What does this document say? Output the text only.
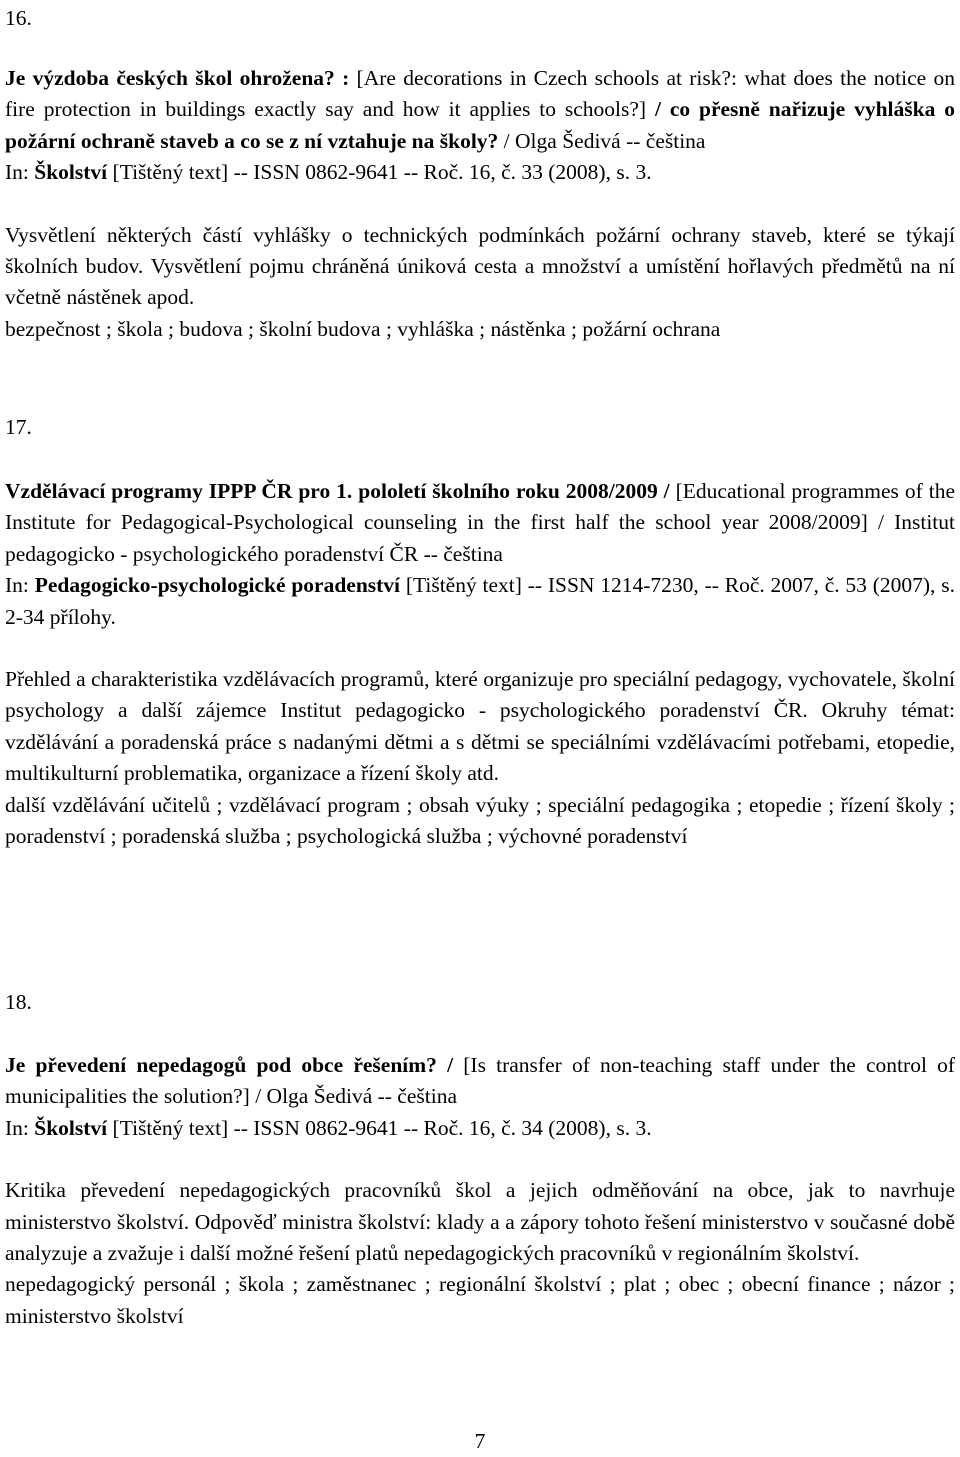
16.

Je výzdoba českých škol ohrožena? : [Are decorations in Czech schools at risk?: what does the notice on fire protection in buildings exactly say and how it applies to schools?] / co přesně nařizuje vyhláška o požární ochraně staveb a co se z ní vztahuje na školy? / Olga Šedivá -- čeština

In: Školství [Tištěný text] -- ISSN 0862-9641 -- Roč. 16, č. 33 (2008), s. 3.

Vysvětlení některých částí vyhlášky o technických podmínkách požární ochrany staveb, které se týkají školních budov. Vysvětlení pojmu chráněná úniková cesta a množství a umístění hořlavých předmětů na ní včetně nástěnek apod.

bezpečnost ; škola ; budova ; školní budova ; vyhláška ; nástěnka ; požární ochrana

17.

Vzdělávací programy IPPP ČR pro 1. pololetí školního roku 2008/2009 / [Educational programmes of the Institute for Pedagogical-Psychological counseling in the first half the school year 2008/2009] / Institut pedagogicko - psychologického poradenství ČR -- čeština

In: Pedagogicko-psychologické poradenství [Tištěný text] -- ISSN 1214-7230, -- Roč. 2007, č. 53 (2007), s. 2-34 přílohy.

Přehled a charakteristika vzdělávacích programů, které organizuje pro speciální pedagogy, vychovatele, školní psychology a další zájemce Institut pedagogicko - psychologického poradenství ČR. Okruhy témat: vzdělávání a poradenská práce s nadanými dětmi a s dětmi se speciálními vzdělávacími potřebami, etopedie, multikulturní problematika, organizace a řízení školy atd.

další vzdělávání učitelů ; vzdělávací program ; obsah výuky ; speciální pedagogika ; etopedie ; řízení školy ; poradenství ; poradenská služba ; psychologická služba ; výchovné poradenství

18.

Je převedení nepedagogů pod obce řešením? / [Is transfer of non-teaching staff under the control of municipalities the solution?] / Olga Šedivá -- čeština

In: Školství [Tištěný text] -- ISSN 0862-9641 -- Roč. 16, č. 34 (2008), s. 3.

Kritika převedení nepedagogických pracovníků škol a jejich odměňování na obce, jak to navrhuje ministerstvo školství. Odpověď ministra školství: klady a a zápory tohoto řešení ministerstvo v současné době analyzuje a zvažuje i další možné řešení platů nepedagogických pracovníků v regionálním školství.

nepedagogický personál ; škola ; zaměstnanec ; regionální školství ; plat ; obec ; obecní finance ; názor ; ministerstvo školství

7
